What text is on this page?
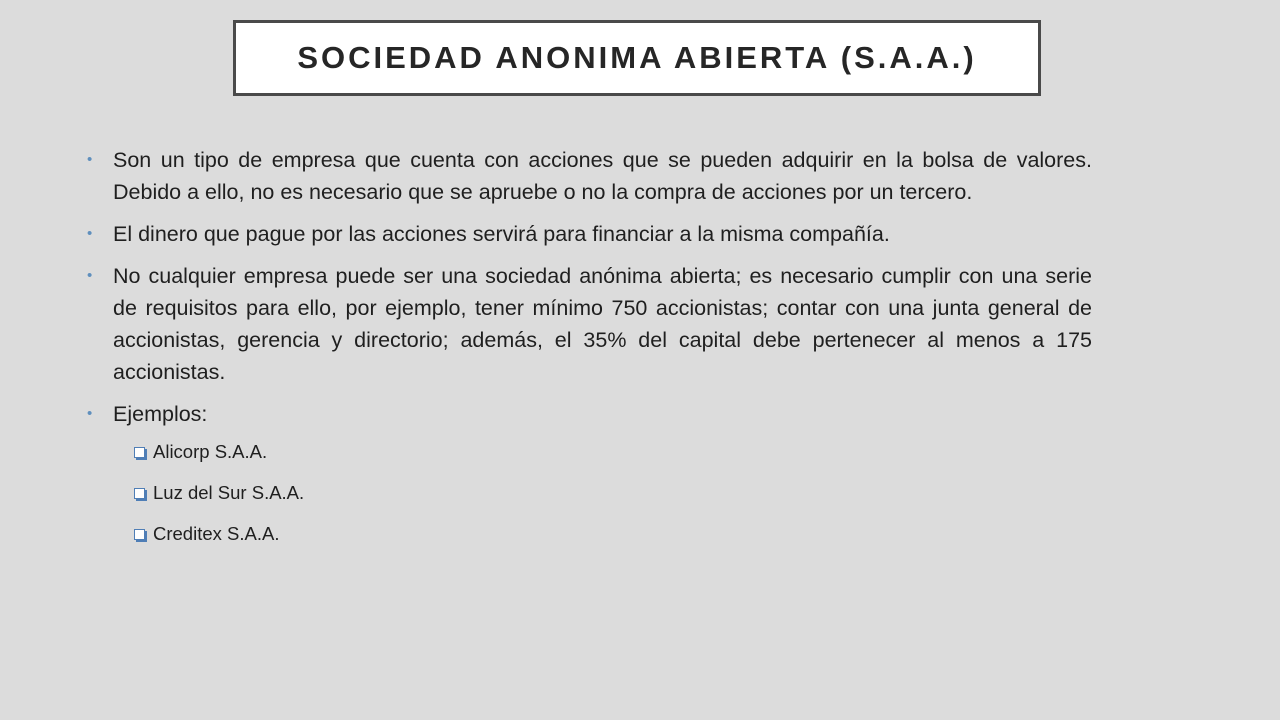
SOCIEDAD ANONIMA ABIERTA (S.A.A.)
• Son un tipo de empresa que cuenta con acciones que se pueden adquirir en la bolsa de valores. Debido a ello, no es necesario que se apruebe o no la compra de acciones por un tercero.
• El dinero que pague por las acciones servirá para financiar a la misma compañía.
• No cualquier empresa puede ser una sociedad anónima abierta; es necesario cumplir con una serie de requisitos para ello, por ejemplo, tener mínimo 750 accionistas; contar con una junta general de accionistas, gerencia y directorio; además, el 35% del capital debe pertenecer al menos a 175 accionistas.
• Ejemplos:
Alicorp S.A.A.
Luz del Sur S.A.A.
Creditex S.A.A.
